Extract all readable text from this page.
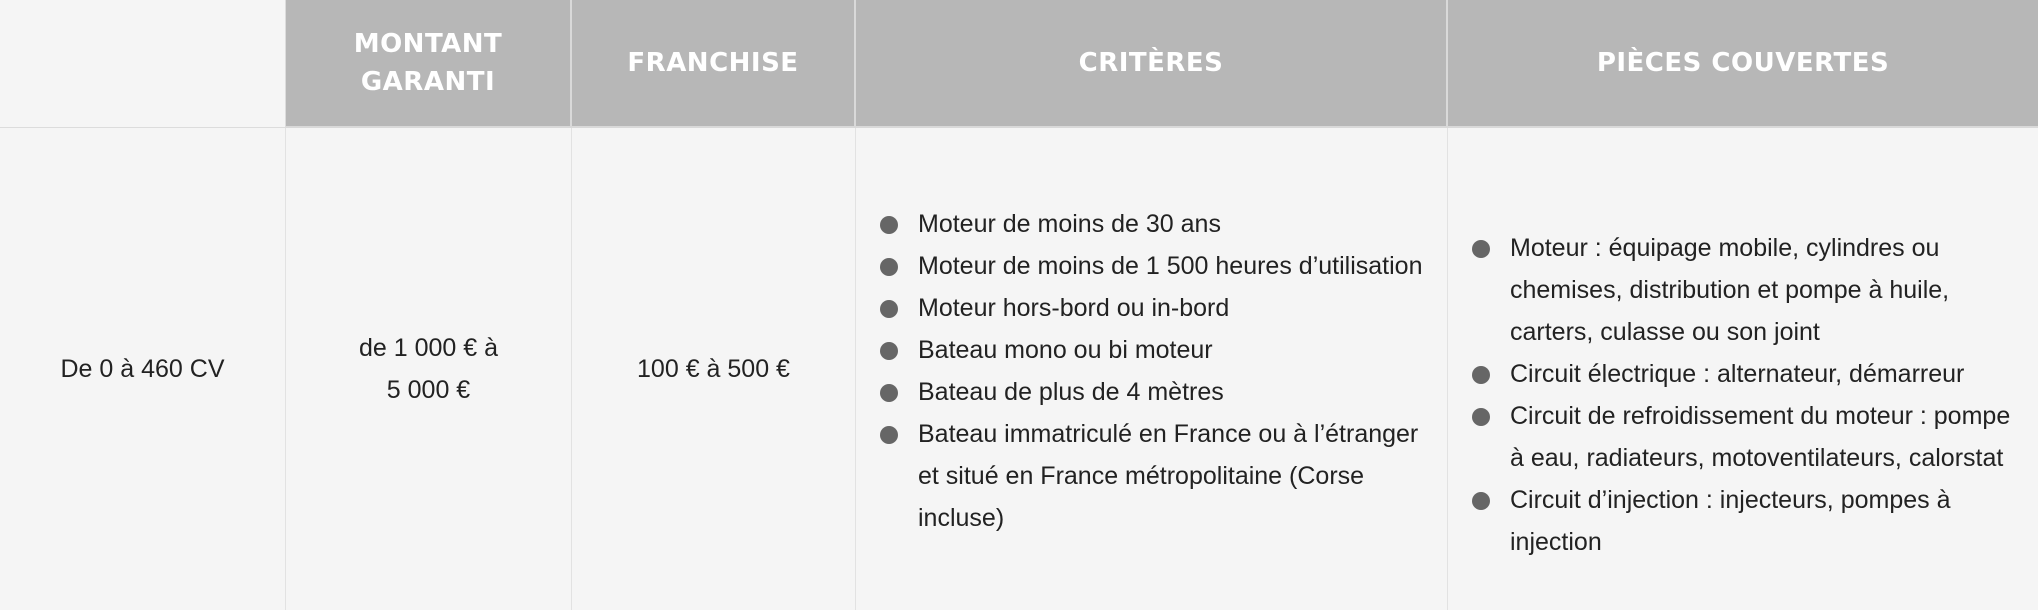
MONTANT
GARANTI
FRANCHISE	CRITÈRES	PIÈCES COUVERTES
De 0 à 460 CV
de 1 000 € à
5 000 €
100 € à 500 €
Moteur de moins de 30 ans
Moteur de moins de 1 500 heures d’utilisation
Moteur hors-bord ou in-bord
Bateau mono ou bi moteur
Bateau de plus de 4 mètres
Bateau immatriculé en France ou à l’étranger et situé en France métropolitaine (Corse incluse)
Moteur : équipage mobile, cylindres ou chemises, distribution et pompe à huile, carters, culasse ou son joint
Circuit électrique : alternateur, démarreur
Circuit de refroidissement du moteur : pompe à eau, radiateurs, motoventilateurs, calorstat
Circuit d’injection : injecteurs, pompes à injection
